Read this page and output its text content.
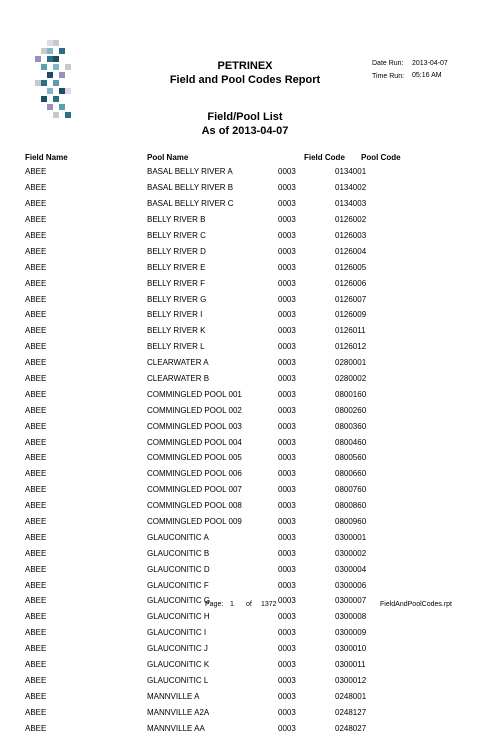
PETRINEX
Field and Pool Codes Report
Date Run: 2013-04-07
Time Run: 05:16 AM
Field/Pool List
As of 2013-04-07
Field Name	Pool Name	Field Code Pool Code
ABEE	BASAL BELLY RIVER A	0003	0134001
ABEE	BASAL BELLY RIVER B	0003	0134002
ABEE	BASAL BELLY RIVER C	0003	0134003
ABEE	BELLY RIVER B	0003	0126002
ABEE	BELLY RIVER C	0003	0126003
ABEE	BELLY RIVER D	0003	0126004
ABEE	BELLY RIVER E	0003	0126005
ABEE	BELLY RIVER F	0003	0126006
ABEE	BELLY RIVER G	0003	0126007
ABEE	BELLY RIVER I	0003	0126009
ABEE	BELLY RIVER K	0003	0126011
ABEE	BELLY RIVER L	0003	0126012
ABEE	CLEARWATER A	0003	0280001
ABEE	CLEARWATER B	0003	0280002
ABEE	COMMINGLED POOL 001	0003	0800160
ABEE	COMMINGLED POOL 002	0003	0800260
ABEE	COMMINGLED POOL 003	0003	0800360
ABEE	COMMINGLED POOL 004	0003	0800460
ABEE	COMMINGLED POOL 005	0003	0800560
ABEE	COMMINGLED POOL 006	0003	0800660
ABEE	COMMINGLED POOL 007	0003	0800760
ABEE	COMMINGLED POOL 008	0003	0800860
ABEE	COMMINGLED POOL 009	0003	0800960
ABEE	GLAUCONITIC A	0003	0300001
ABEE	GLAUCONITIC B	0003	0300002
ABEE	GLAUCONITIC D	0003	0300004
ABEE	GLAUCONITIC F	0003	0300006
ABEE	GLAUCONITIC G	0003	0300007
ABEE	GLAUCONITIC H	0003	0300008
ABEE	GLAUCONITIC I	0003	0300009
ABEE	GLAUCONITIC J	0003	0300010
ABEE	GLAUCONITIC K	0003	0300011
ABEE	GLAUCONITIC L	0003	0300012
ABEE	MANNVILLE A	0003	0248001
ABEE	MANNVILLE A2A	0003	0248127
ABEE	MANNVILLE AA	0003	0248027
Page: 1 of 1372	FieldAndPoolCodes.rpt
